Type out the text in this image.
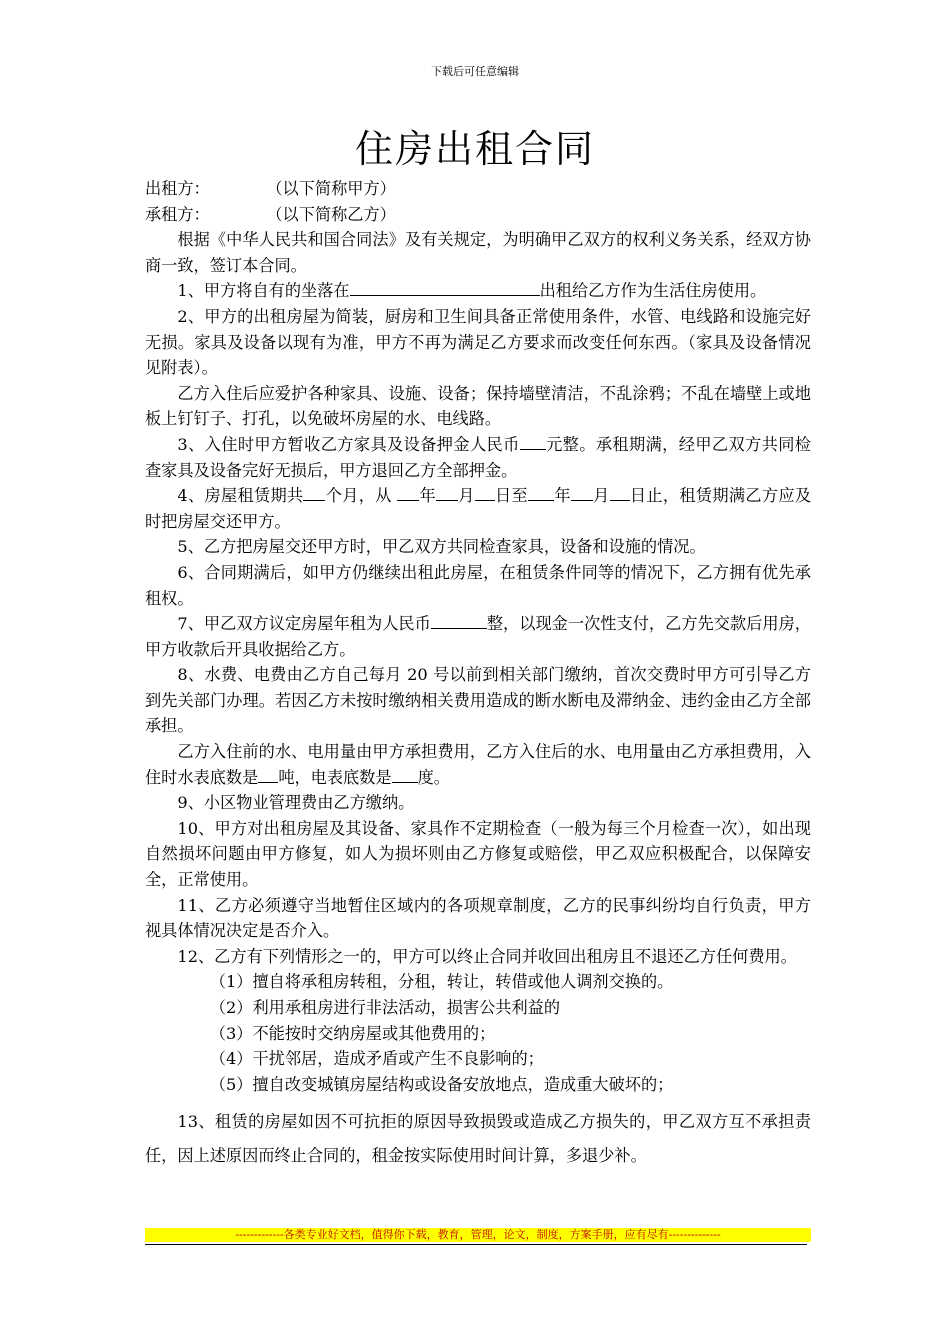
下载后可任意编辑
住房出租合同

出租方：           （以下简称甲方）

承租方：           （以下简称乙方）

根据《中华人民共和国合同法》及有关规定，为明确甲乙双方的权利义务关系，经双方协商一致，签订本合同。

1、甲方将自有的坐落在	出租给乙方作为生活住房使用。

2、甲方的出租房屋为简装，厨房和卫生间具备正常使用条件，水管、电线路和设施完好无损。家具及设备以现有为准，甲方不再为满足乙方要求而改变任何东西。（家具及设备情况见附表）。

乙方入住后应爱护各种家具、设施、设备；保持墙壁清洁，不乱涂鸦；不乱在墙壁上或地板上钉钉子、打孔，以免破坏房屋的水、电线路。

3、入住时甲方暂收乙方家具及设备押金人民币 元整。承租期满，经甲乙双方共同检查家具及设备完好无损后，甲方退回乙方全部押金。

4、房屋租赁期共 个月，从 年 月 日至 年 月 日止，租赁期满乙方应及时把房屋交还甲方。

5、乙方把房屋交还甲方时，甲乙双方共同检查家具，设备和设施的情况。

6、合同期满后，如甲方仍继续出租此房屋，在租赁条件同等的情况下，乙方拥有优先承租权。

7、甲乙双方议定房屋年租为人民币	整，以现金一次性支付，乙方先交款后用房，甲方收款后开具收据给乙方。

8、水费、电费由乙方自己每月 20 号以前到相关部门缴纳，首次交费时甲方可引导乙方到先关部门办理。若因乙方未按时缴纳相关费用造成的断水断电及滞纳金、违约金由乙方全部承担。

乙方入住前的水、电用量由甲方承担费用，乙方入住后的水、电用量由乙方承担费用，入住时水表底数是 吨，电表底数是 度。

9、小区物业管理费由乙方缴纳。

10、甲方对出租房屋及其设备、家具作不定期检查（一般为每三个月检查一次），如出现自然损坏问题由甲方修复，如人为损坏则由乙方修复或赔偿，甲乙双应积极配合，以保障安全，正常使用。

11、乙方必须遵守当地暂住区域内的各项规章制度，乙方的民事纠纷均自行负责，甲方视具体情况决定是否介入。

12、乙方有下列情形之一的，甲方可以终止合同并收回出租房且不退还乙方任何费用。

（1）擅自将承租房转租，分租，转让，转借或他人调剂交换的。

（2）利用承租房进行非法活动，损害公共利益的

（3）不能按时交纳房屋或其他费用的；

（4）干扰邻居，造成矛盾或产生不良影响的；

（5）擅自改变城镇房屋结构或设备安放地点，造成重大破坏的；

13、租赁的房屋如因不可抗拒的原因导致损毁或造成乙方损失的，甲乙双方互不承担责任，因上述原因而终止合同的，租金按实际使用时间计算，多退少补。

-------------各类专业好文档，值得你下载，教育，管理，论文，制度，方案手册，应有尽有--------------
